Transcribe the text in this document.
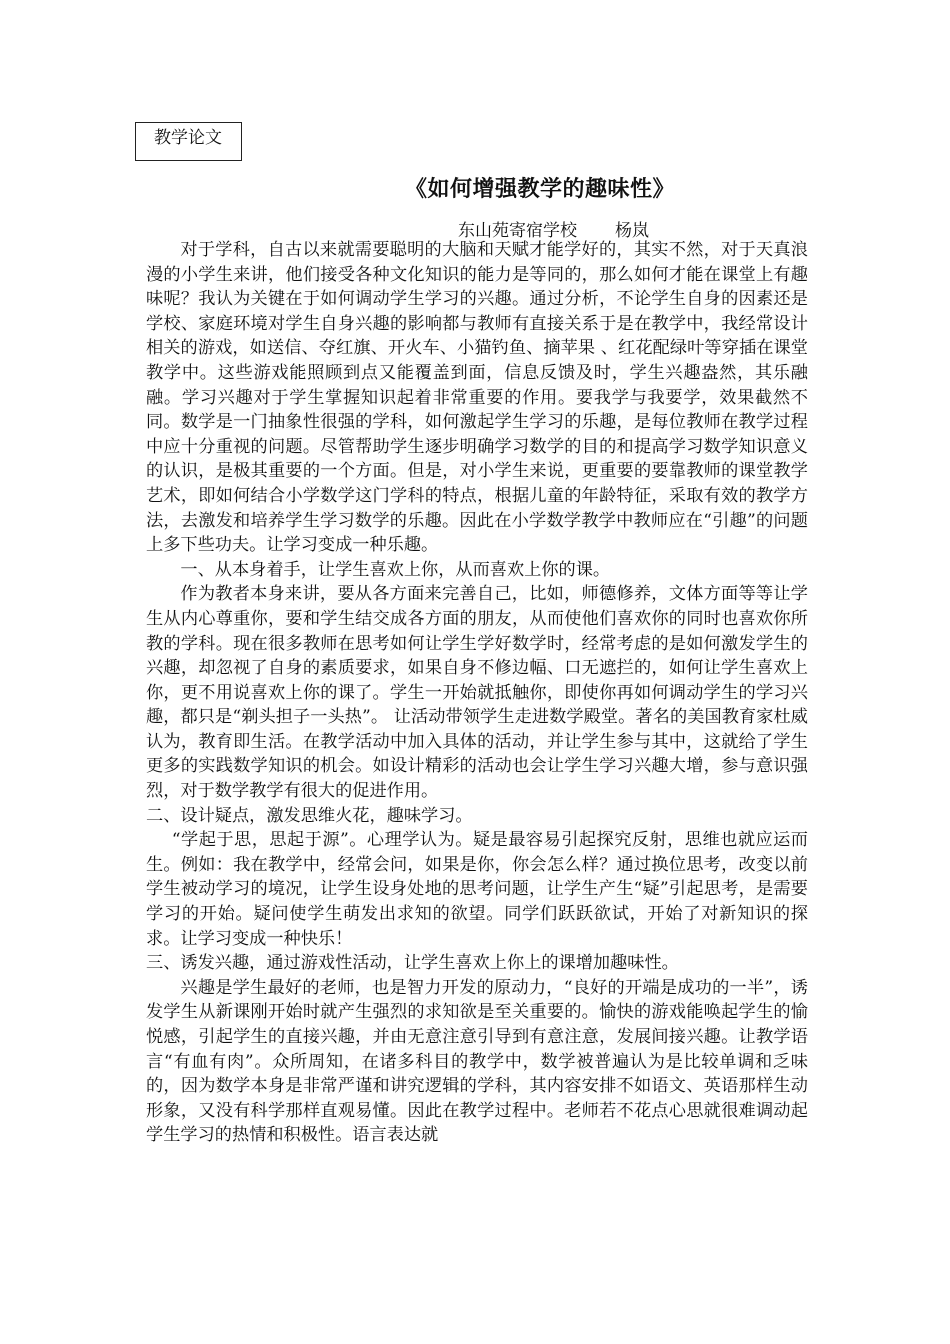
教学论文
《如何增强教学的趣味性》
东山苑寄宿学校 杨岚

对于学科，自古以来就需要聪明的大脑和天赋才能学好的，其实不然，对于天真浪漫的小学生来讲，他们接受各种文化知识的能力是等同的，那么如何才能在课堂上有趣味呢？我认为关键在于如何调动学生学习的兴趣。通过分析，不论学生自身的因素还是学校、家庭环境对学生自身兴趣的影响都与教师有直接关系于是在教学中，我经常设计相关的游戏，如送信、夺红旗、开火车、小猫钓鱼、摘苹果 、红花配绿叶等穿插在课堂教学中。这些游戏能照顾到点又能覆盖到面，信息反馈及时，学生兴趣盎然，其乐融融。学习兴趣对于学生掌握知识起着非常重要的作用。要我学与我要学，效果截然不同。数学是一门抽象性很强的学科，如何激起学生学习的乐趣，是每位教师在教学过程中应十分重视的问题。尽管帮助学生逐步明确学习数学的目的和提高学习数学知识意义的认识，是极其重要的一个方面。但是，对小学生来说，更重要的要靠教师的课堂教学艺术，即如何结合小学数学这门学科的特点，根据儿童的年龄特征，采取有效的教学方法，去激发和培养学生学习数学的乐趣。因此在小学数学教学中教师应在“引趣”的问题上多下些功夫。让学习变成一种乐趣。

一、从本身着手，让学生喜欢上你，从而喜欢上你的课。

作为教者本身来讲，要从各方面来完善自己，比如，师德修养，文体方面等等让学生从内心尊重你，要和学生结交成各方面的朋友，从而使他们喜欢你的同时也喜欢你所教的学科。现在很多教师在思考如何让学生学好数学时，经常考虑的是如何激发学生的兴趣，却忽视了自身的素质要求，如果自身不修边幅、口无遮拦的，如何让学生喜欢上你，更不用说喜欢上你的课了。学生一开始就抵触你，即使你再如何调动学生的学习兴趣，都只是“剃头担子一头热”。 让活动带领学生走进数学殿堂。著名的美国教育家杜威认为，教育即生活。在教学活动中加入具体的活动，并让学生参与其中，这就给了学生更多的实践数学知识的机会。如设计精彩的活动也会让学生学习兴趣大增，参与意识强烈，对于数学教学有很大的促进作用。

二、设计疑点，激发思维火花，趣味学习。

“学起于思，思起于源”。心理学认为。疑是最容易引起探究反射，思维也就应运而生。例如：我在教学中，经常会问，如果是你，你会怎么样？通过换位思考，改变以前学生被动学习的境况，让学生设身处地的思考问题，让学生产生“疑”引起思考，是需要学习的开始。疑问使学生萌发出求知的欲望。同学们跃跃欲试，开始了对新知识的探求。让学习变成一种快乐！

三、诱发兴趣，通过游戏性活动，让学生喜欢上你上的课增加趣味性。

兴趣是学生最好的老师，也是智力开发的原动力，“良好的开端是成功的一半”，诱发学生从新课刚开始时就产生强烈的求知欲是至关重要的。愉快的游戏能唤起学生的愉悦感，引起学生的直接兴趣，并由无意注意引导到有意注意，发展间接兴趣。让教学语言“有血有肉”。众所周知，在诸多科目的教学中，数学被普遍认为是比较单调和乏味的，因为数学本身是非常严谨和讲究逻辑的学科，其内容安排不如语文、英语那样生动形象，又没有科学那样直观易懂。因此在教学过程中。老师若不花点心思就很难调动起学生学习的热情和积极性。语言表达就
